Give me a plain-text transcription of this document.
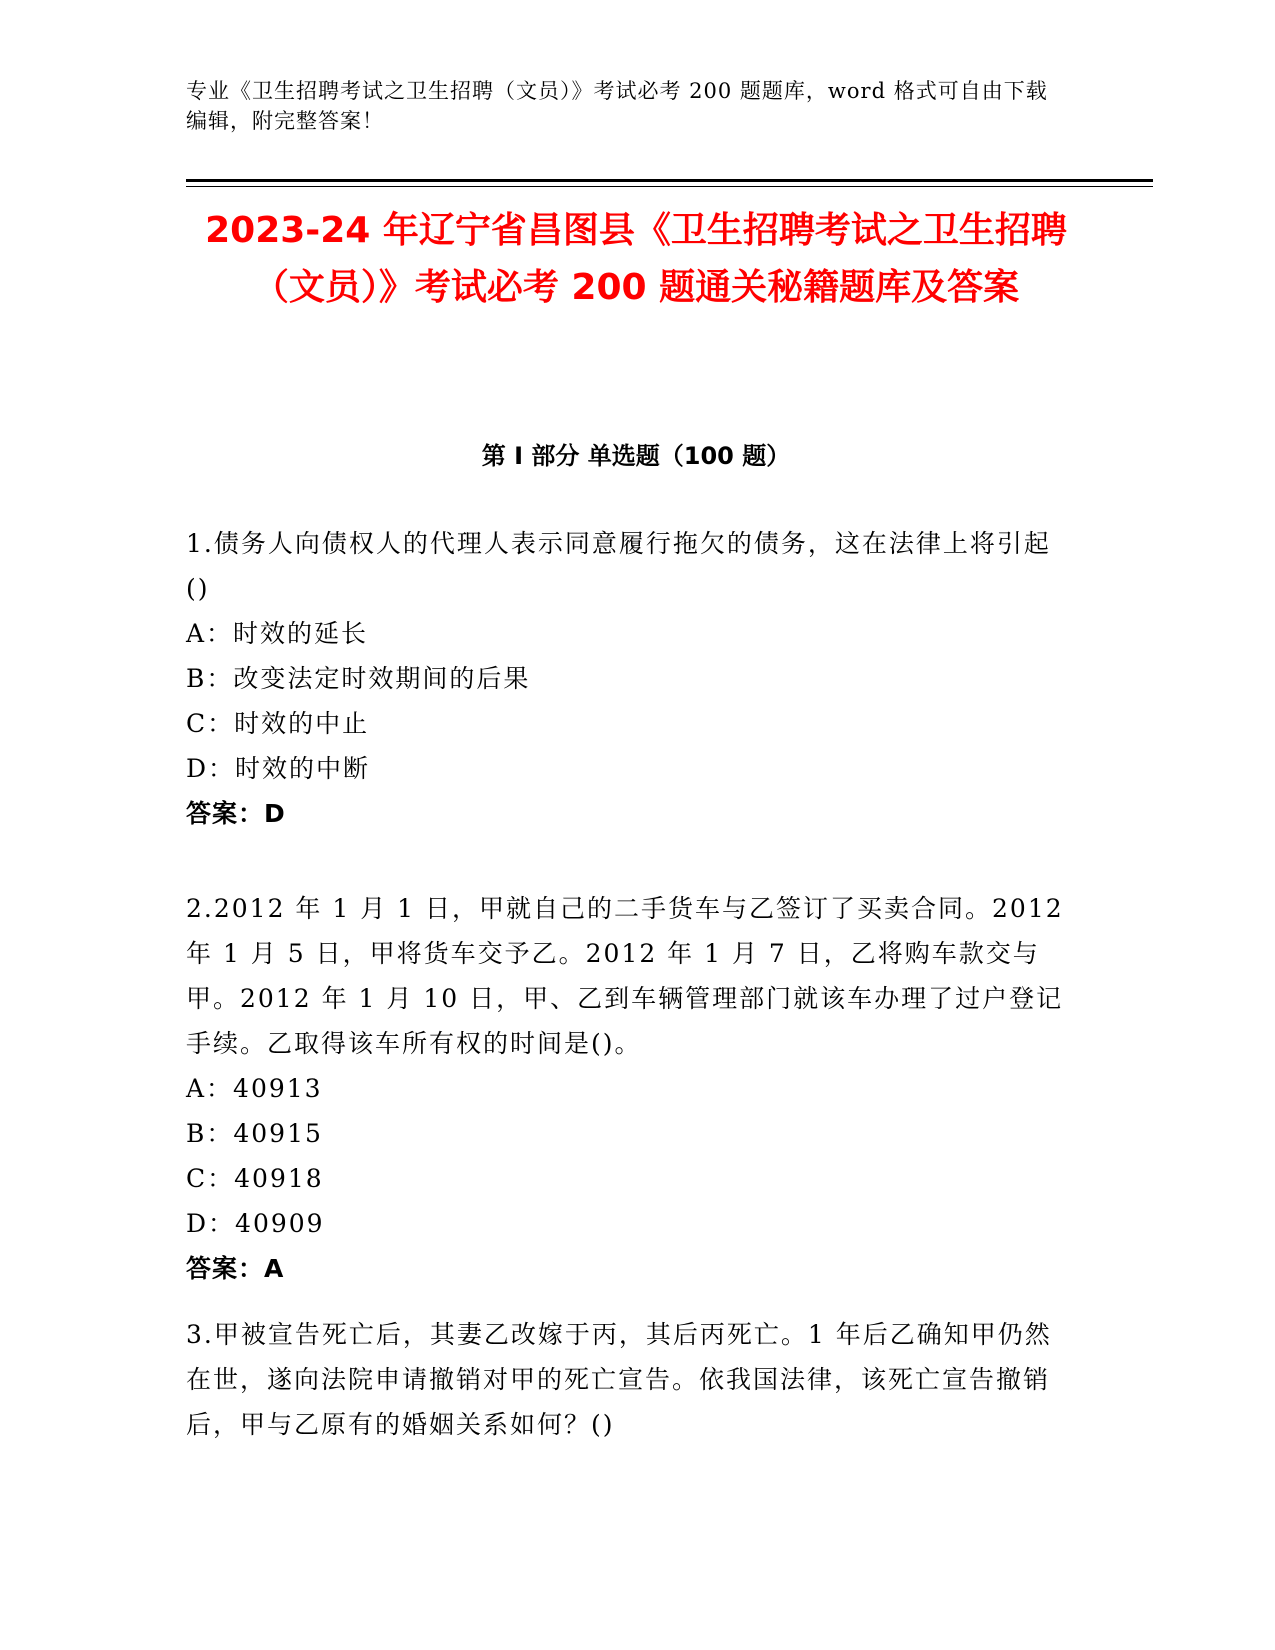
专业《卫生招聘考试之卫生招聘（文员）》考试必考 200 题题库，word 格式可自由下载编辑，附完整答案！
2023-24 年辽宁省昌图县《卫生招聘考试之卫生招聘（文员）》考试必考 200 题通关秘籍题库及答案
第 I 部分 单选题（100 题）

1.债务人向债权人的代理人表示同意履行拖欠的债务，这在法律上将引起()

A：时效的延长

B：改变法定时效期间的后果

C：时效的中止

D：时效的中断

答案：D

2.2012 年 1 月 1 日，甲就自己的二手货车与乙签订了买卖合同。2012 年 1 月 5 日，甲将货车交予乙。2012 年 1 月 7 日，乙将购车款交与甲。2012 年 1 月 10 日，甲、乙到车辆管理部门就该车办理了过户登记手续。乙取得该车所有权的时间是()。

A：40913

B：40915

C：40918

D：40909

答案：A

3.甲被宣告死亡后，其妻乙改嫁于丙，其后丙死亡。1 年后乙确知甲仍然在世，遂向法院申请撤销对甲的死亡宣告。依我国法律，该死亡宣告撤销后，甲与乙原有的婚姻关系如何？()
